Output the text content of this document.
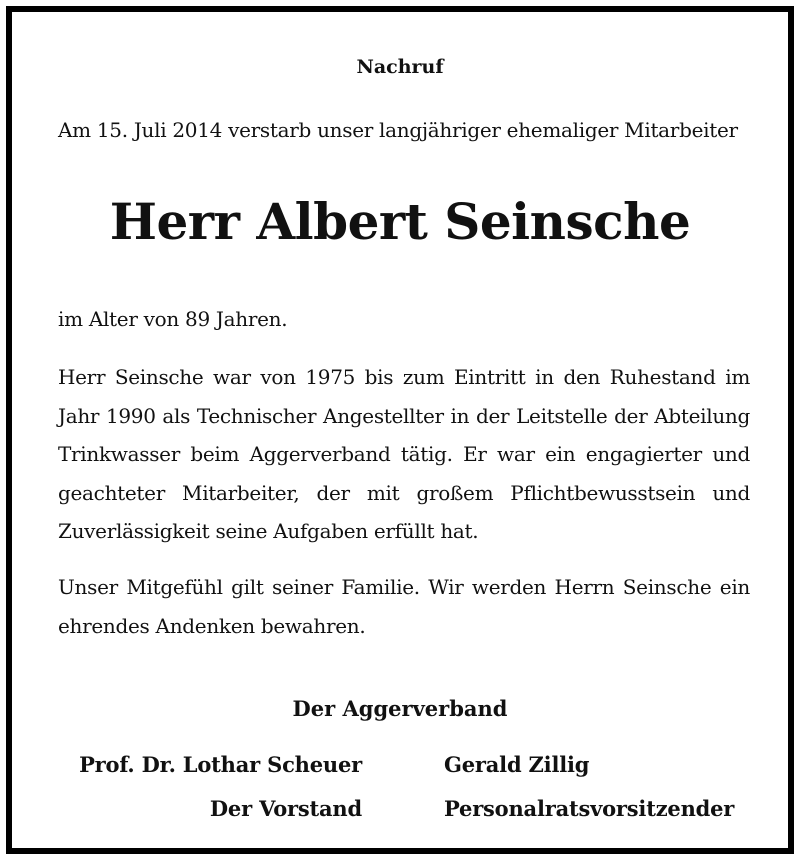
Nachruf
Am 15. Juli 2014 verstarb unser langjähriger ehemaliger Mitarbeiter
Herr Albert Seinsche
im Alter von 89 Jahren.
Herr Seinsche war von 1975 bis zum Eintritt in den Ruhestand im Jahr 1990 als Technischer Angestellter in der Leitstelle der Abteilung Trinkwasser beim Aggerverband tätig. Er war ein engagierter und geachteter Mitarbeiter, der mit großem Pflichtbewusstsein und Zuverlässigkeit seine Aufgaben erfüllt hat.
Unser Mitgefühl gilt seiner Familie. Wir werden Herrn Seinsche ein ehrendes Andenken bewahren.
Der Aggerverband
Prof. Dr. Lothar Scheuer
Der Vorstand
Gerald Zillig
Personalratsvorsitzender
